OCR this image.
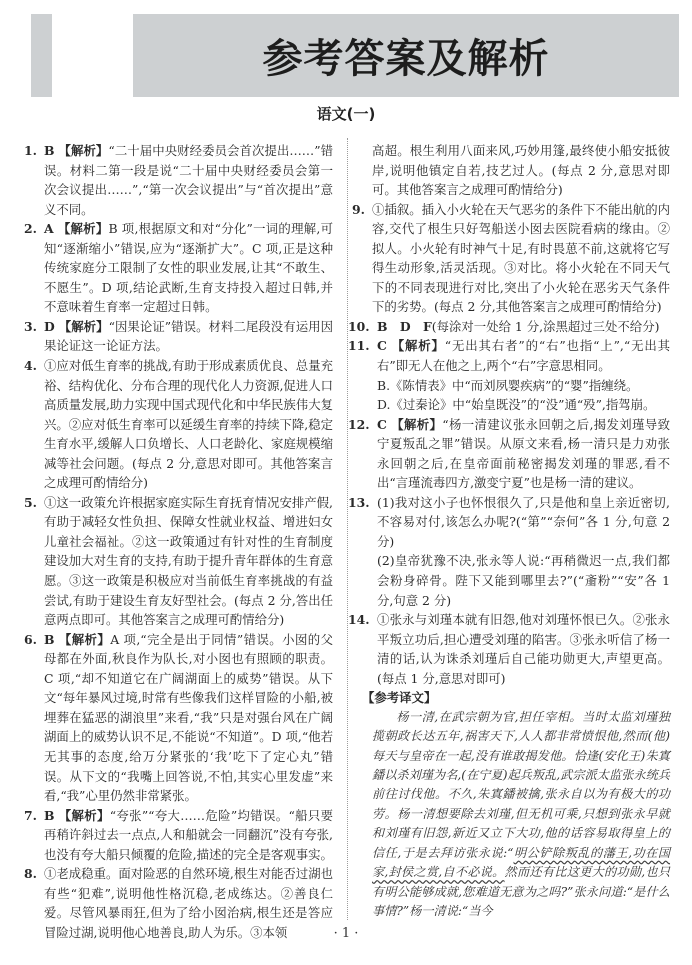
参考答案及解析
语文(一)
1. B 【解析】“二十届中央财经委员会首次提出……”错误。材料二第一段是说“二十届中央财经委员会第一次会议提出……”,“第一次会议提出”与“首次提出”意义不同。
2. A 【解析】B 项,根据原文和对“分化”一词的理解,可知“逐渐缩小”错误,应为“逐渐扩大”。C 项,正是这种传统家庭分工限制了女性的职业发展,让其“不敢生、不愿生”。D 项,结论武断,生育支持投入超过日韩,并不意味着生育率一定超过日韩。
3. D 【解析】“因果论证”错误。材料二尾段没有运用因果论证这一论证方法。
4. ①应对低生育率的挑战,有助于形成素质优良、总量充裕、结构优化、分布合理的现代化人力资源,促进人口高质量发展,助力实现中国式现代化和中华民族伟大复兴。②应对低生育率可以延缓生育率的持续下降,稳定生育水平,缓解人口负增长、人口老龄化、家庭规模缩减等社会问题。(每点 2 分,意思对即可。其他答案言之成理可酌情给分)
5. ①这一政策允许根据家庭实际生育抚育情况安排产假,有助于减轻女性负担、保障女性就业权益、增进妇女儿童社会福祉。②这一政策通过有针对性的生育制度建设加大对生育的支持,有助于提升青年群体的生育意愿。③这一政策是积极应对当前低生育率挑战的有益尝试,有助于建设生育友好型社会。(每点 2 分,答出任意两点即可。其他答案言之成理可酌情给分)
6. B 【解析】A 项,“完全是出于同情”错误。小囡的父母都在外面,秋良作为队长,对小囡也有照顾的职责。C 项,“却不知道它在广阔湖面上的威势”错误。从下文“每年暴风过境,时常有些像我们这样冒险的小船,被埋葬在猛恶的湖浪里”来看,“我”只是对强台风在广阔湖面上的威势认识不足,不能说“不知道”。D 项,“他若无其事的态度,给万分紧张的‘我’吃下了定心丸”错误。从下文的“我嘴上回答说,不怕,其实心里发虚”来看,“我”心里仍然非常紧张。
7. B 【解析】“夸张”“夸大……危险”均错误。“船只要再稍许斜过去一点点,人和船就会一同翻沉”没有夸张,也没有夸大船只倾覆的危险,描述的完全是客观事实。
8. ①老成稳重。面对险恶的自然环境,根生对能否过湖也有些“犯难”,说明他性格沉稳,老成练达。②善良仁爱。尽管风暴雨狂,但为了给小囡治病,根生还是答应冒险过湖,说明他心地善良,助人为乐。③本领
高超。根生利用八面来风,巧妙用篷,最终使小船安抵彼岸,说明他镇定自若,技艺过人。(每点 2 分,意思对即可。其他答案言之成理可酌情给分)
9. ①插叙。插入小火轮在天气恶劣的条件下不能出航的内容,交代了根生只好驾船送小囡去医院看病的缘由。②拟人。小火轮有时神气十足,有时畏葸不前,这就将它写得生动形象,活灵活现。③对比。将小火轮在不同天气下的不同表现进行对比,突出了小火轮在恶劣天气条件下的劣势。(每点 2 分,其他答案言之成理可酌情给分)
10. B　D　F(每涂对一处给 1 分,涂黑超过三处不给分)
11. C 【解析】“无出其右者”的“右”也指“上”,“无出其右”即无人在他之上,两个“右”字意思相同。

B.《陈情表》中“而刘夙婴疾病”的“婴”指缠绕。

D.《过秦论》中“始皇既没”的“没”通“殁”,指驾崩。

12. C 【解析】“杨一清建议张永回朝之后,揭发刘瑾导致宁夏叛乱之罪”错误。从原文来看,杨一清只是力劝张永回朝之后,在皇帝面前秘密揭发刘瑾的罪恶,看不出“言瑾流毒四方,激变宁夏”也是杨一清的建议。
13. (1)我对这小子也怀恨很久了,只是他和皇上亲近密切,不容易对付,该怎么办呢?(“第”“奈何”各 1 分,句意 2 分)

(2)皇帝犹豫不决,张永等人说:“再稍微迟一点,我们都会粉身碎骨。陛下又能到哪里去?”(“齑粉”“安”各 1 分,句意 2 分)

14. ①张永与刘瑾本就有旧怨,他对刘瑾怀恨已久。②张永平叛立功后,担心遭受刘瑾的陷害。③张永听信了杨一清的话,认为诛杀刘瑾后自己能功勋更大,声望更高。(每点 1 分,意思对即可)
【参考译文】

杨一清,在武宗朝为官,担任宰相。当时太监刘瑾独揽朝政长达五年,祸害天下,人人都非常愤恨他,然而(他)每天与皇帝在一起,没有谁敢揭发他。恰逢(安化王)朱寘鐇以杀刘瑾为名,(在宁夏)起兵叛乱,武宗派太监张永统兵前往讨伐他。不久,朱寘鐇被擒,张永自以为有极大的功劳。杨一清想要除去刘瑾,但无机可乘,只想到张永早就和刘瑾有旧怨,新近又立下大功,他的话容易取得皇上的信任,于是去拜访张永说:“明公铲除叛乱的藩王,功在国家,封侯之赏,自不必说。然而还有比这更大的功勋,也只有明公能够成就,您难道无意为之吗?”张永问道:“是什么事情?”杨一清说:“当今

· 1 ·
